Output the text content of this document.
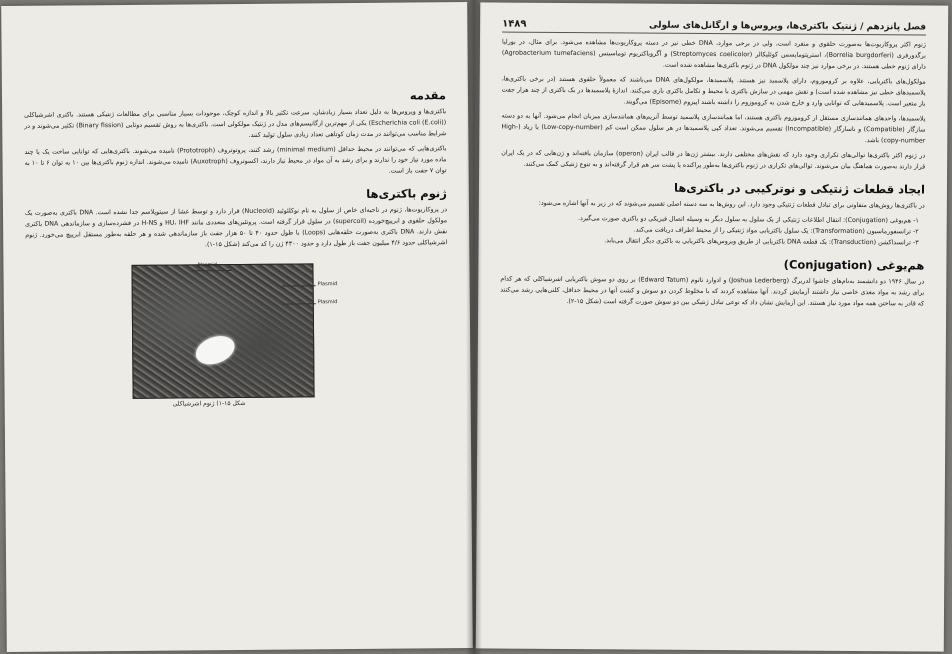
مقدمه

باکتری‌ها و ویروس‌ها به دلیل تعداد بسیار زیادشان، سرعت تکثیر بالا و اندازه کوچک، موجودات بسیار مناسبی برای مطالعات ژنتیکی هستند. باکتری اشرشیاکلی (Escherichia coli (E.coli)) یکی از مهم‌ترین ارگانیسم‌های مدل در ژنتیک مولکولی است. باکتری‌ها به روش تقسیم دوتایی (Binary fission) تکثیر می‌شوند و در شرایط مناسب می‌توانند در مدت زمان کوتاهی تعداد زیادی سلول تولید کنند.

باکتری‌هایی که می‌توانند در محیط حداقل (minimal medium) رشد کنند، پروتوتروف (Prototroph) نامیده می‌شوند. باکتری‌هایی که توانایی ساخت یک یا چند ماده مورد نیاز خود را ندارند و برای رشد به آن مواد در محیط نیاز دارند، اکسوتروف (Auxotroph) نامیده می‌شوند. اندازه ژنوم باکتری‌ها بین ۱۰ به توان ۶ تا ۱۰ به توان ۷ جفت باز است.

ژنوم باکتری‌ها

در پروکاریوت‌ها، ژنوم در ناحیه‌ای خاص از سلول به نام نوکلئوئید (Nucleoid) قرار دارد و توسط غشا از سیتوپلاسم جدا نشده است. DNA باکتری به‌صورت یک مولکول حلقوی و ابرپیچ‌خورده (supercoil) در سلول قرار گرفته است. پروتئین‌های متعددی مانند HU، IHF و H-NS در فشرده‌سازی و سازماندهی DNA باکتری نقش دارند. DNA باکتری به‌صورت حلقه‌هایی (Loops) با طول حدود ۴۰ تا ۵۰ هزار جفت باز سازماندهی شده و هر حلقه به‌طور مستقل ابرپیچ می‌خورد. ژنوم اشرشیاکلی حدود ۴/۶ میلیون جفت باز طول دارد و حدود ۴۳۰۰ ژن را کد می‌کند (شکل ۱۵-۱).

Plasmid
Plasmid
Plasmid
شکل ۱۵-۱) ژنوم اشرشیاکلی
فصل پانزدهم / ژنتیک باکتری‌ها، ویروس‌ها و ارگانل‌های سلولی
۱۴۸۹

ژنوم اکثر پروکاریوت‌ها به‌صورت حلقوی و منفرد است، ولی در برخی موارد، DNA خطی نیز در دسته پروکاریوت‌ها مشاهده می‌شود. برای مثال، در بورلیا برگدورفری (Borrelia burgdorferi)، استرپتومایسس کوئلیکالر (Streptomyces coelicolor) و آگروباکتریوم توماسینس (Agrobacterium tumefaciens) دارای ژنوم خطی هستند. در برخی موارد نیز چند مولکول DNA در ژنوم باکتری‌ها مشاهده شده است.

مولکول‌های باکتریایی، علاوه بر کروموزوم، دارای پلاسمید نیز هستند. پلاسمیدها، مولکول‌های DNA می‌باشند که معمولاً حلقوی هستند (در برخی باکتری‌ها، پلاسمیدهای خطی نیز مشاهده شده است) و نقش مهمی در سازش باکتری با محیط و تکامل باکتری بازی می‌کنند. اندازهٔ پلاسمیدها در یک باکتری از چند هزار جفت باز متغیر است. پلاسمیدهایی که توانایی وارد و خارج شدن به کروموزوم را داشته باشند اپیزوم (Episome) می‌گویند.

پلاسمیدها، واحدهای همانندسازی مستقل از کروموزوم باکتری هستند، اما همانندسازی پلاسمید توسط آنزیم‌های همانندسازی میزبان انجام می‌شود. آنها به دو دسته سازگار (Compatible) و ناسازگار (Incompatible) تقسیم می‌شوند. تعداد کپی پلاسمیدها در هر سلول ممکن است کم (Low-copy-number) یا زیاد (High-copy-number) باشد.

در ژنوم اکثر باکتری‌ها توالی‌های تکراری وجود دارد که نقش‌های مختلفی دارند. بیشتر ژن‌ها در قالب اپران (operon) سازمان یافته‌اند و ژن‌هایی که در یک اپران قرار دارند به‌صورت هماهنگ بیان می‌شوند. توالی‌های تکراری در ژنوم باکتری‌ها به‌طور پراکنده یا پشت سر هم قرار گرفته‌اند و به تنوع ژنتیکی کمک می‌کنند.

ایجاد قطعات ژنتیکی و نوترکیبی در باکتری‌ها

در باکتری‌ها روش‌های متفاوتی برای تبادل قطعات ژنتیکی وجود دارد. این روش‌ها به سه دسته اصلی تقسیم می‌شوند که در زیر به آنها اشاره می‌شود:

۱- هم‌یوغی (Conjugation): انتقال اطلاعات ژنتیکی از یک سلول به سلول دیگر به وسیله اتصال فیزیکی دو باکتری صورت می‌گیرد.
۲- ترانسفورماسیون (Transformation): یک سلول باکتریایی مواد ژنتیکی را از محیط اطراف دریافت می‌کند.
۳- ترانسداکشن (Transduction): یک قطعه DNA باکتریایی از طریق ویروس‌های باکتریایی به باکتری دیگر انتقال می‌یابد.
هم‌یوغی (Conjugation)

در سال ۱۹۴۶ دو دانشمند به‌نام‌های جاشوا لدربرگ (Joshua Lederberg) و ادوارد تاتوم (Edward Tatum) بر روی دو سوش باکتریایی اشرشیاکلی که هر کدام برای رشد به مواد مغذی خاصی نیاز داشتند آزمایش کردند. آنها مشاهده کردند که با مخلوط کردن دو سوش و کشت آنها در محیط حداقل، کلنی‌هایی رشد می‌کنند که قادر به ساختن همه مواد مورد نیاز هستند. این آزمایش نشان داد که نوعی تبادل ژنتیکی بین دو سوش صورت گرفته است (شکل ۱۵-۲).
